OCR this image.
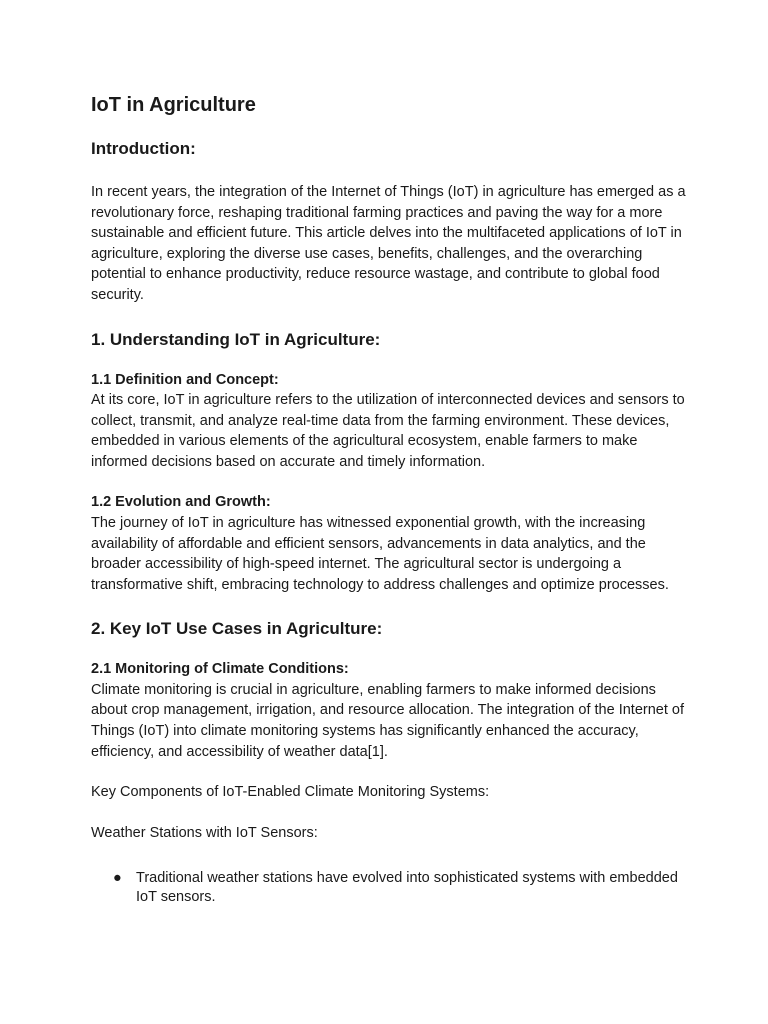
IoT in Agriculture
Introduction:

In recent years, the integration of the Internet of Things (IoT) in agriculture has emerged as a revolutionary force, reshaping traditional farming practices and paving the way for a more sustainable and efficient future. This article delves into the multifaceted applications of IoT in agriculture, exploring the diverse use cases, benefits, challenges, and the overarching potential to enhance productivity, reduce resource wastage, and contribute to global food security.

1. Understanding IoT in Agriculture:
1.1 Definition and Concept:

At its core, IoT in agriculture refers to the utilization of interconnected devices and sensors to collect, transmit, and analyze real-time data from the farming environment. These devices, embedded in various elements of the agricultural ecosystem, enable farmers to make informed decisions based on accurate and timely information.

1.2 Evolution and Growth:

The journey of IoT in agriculture has witnessed exponential growth, with the increasing availability of affordable and efficient sensors, advancements in data analytics, and the broader accessibility of high-speed internet. The agricultural sector is undergoing a transformative shift, embracing technology to address challenges and optimize processes.

2. Key IoT Use Cases in Agriculture:
2.1 Monitoring of Climate Conditions:

Climate monitoring is crucial in agriculture, enabling farmers to make informed decisions about crop management, irrigation, and resource allocation. The integration of the Internet of Things (IoT) into climate monitoring systems has significantly enhanced the accuracy, efficiency, and accessibility of weather data[1].

Key Components of IoT-Enabled Climate Monitoring Systems:

Weather Stations with IoT Sensors:

● Traditional weather stations have evolved into sophisticated systems with embedded IoT sensors.
